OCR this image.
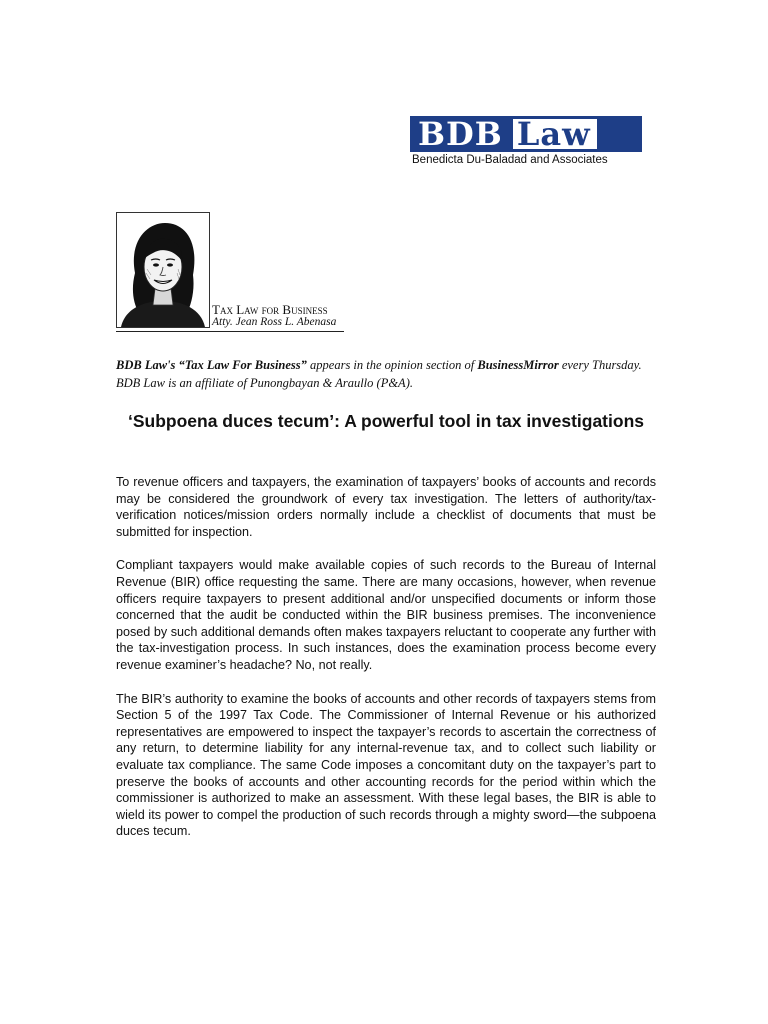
BDB Law
Benedicta Du-Baladad and Associates
Tax Law for Business
Atty. Jean Ross L. Abenasa
BDB Law's “Tax Law For Business” appears in the opinion section of BusinessMirror every Thursday. BDB Law is an affiliate of Punongbayan & Araullo (P&A).
‘Subpoena duces tecum’: A powerful tool in tax investigations

To revenue officers and taxpayers, the examination of taxpayers’ books of accounts and records may be considered the groundwork of every tax investigation. The letters of authority/tax-verification notices/mission orders normally include a checklist of documents that must be submitted for inspection.

Compliant taxpayers would make available copies of such records to the Bureau of Internal Revenue (BIR) office requesting the same. There are many occasions, however, when revenue officers require taxpayers to present additional and/or unspecified documents or inform those concerned that the audit be conducted within the BIR business premises. The inconvenience posed by such additional demands often makes taxpayers reluctant to cooperate any further with the tax-investigation process. In such instances, does the examination process become every revenue examiner’s headache? No, not really.

The BIR’s authority to examine the books of accounts and other records of taxpayers stems from Section 5 of the 1997 Tax Code. The Commissioner of Internal Revenue or his authorized representatives are empowered to inspect the taxpayer’s records to ascertain the correctness of any return, to determine liability for any internal-revenue tax, and to collect such liability or evaluate tax compliance. The same Code imposes a concomitant duty on the taxpayer’s part to preserve the books of accounts and other accounting records for the period within which the commissioner is authorized to make an assessment. With these legal bases, the BIR is able to wield its power to compel the production of such records through a mighty sword—the subpoena duces tecum.
